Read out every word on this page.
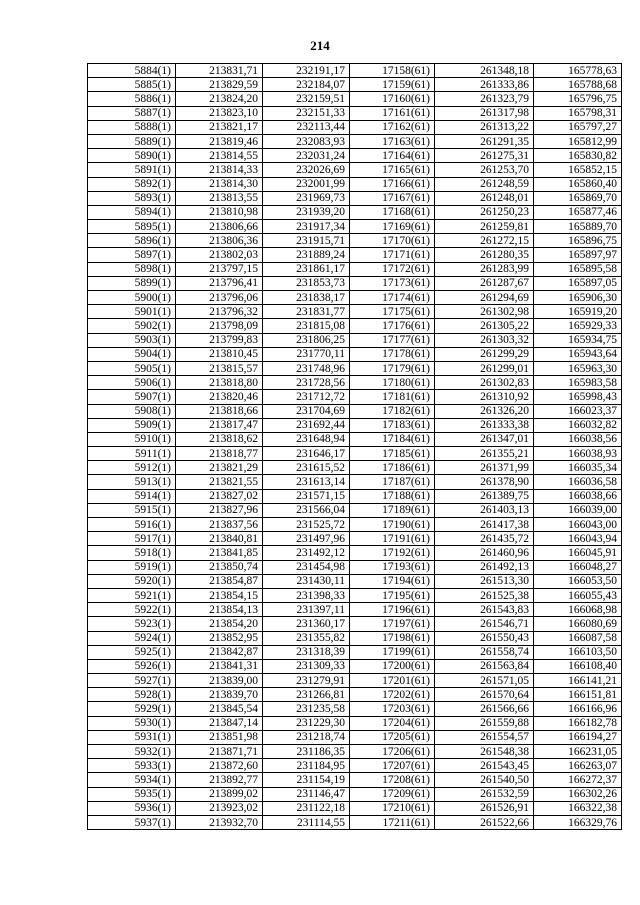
214
5884(1)	213831,71	232191,17	17158(61)	261348,18	165778,63
5885(1)	213829,59	232184,07	17159(61)	261333,86	165788,68
5886(1)	213824,20	232159,51	17160(61)	261323,79	165796,75
5887(1)	213823,10	232151,33	17161(61)	261317,98	165798,31
5888(1)	213821,17	232113,44	17162(61)	261313,22	165797,27
5889(1)	213819,46	232083,93	17163(61)	261291,35	165812,99
5890(1)	213814,55	232031,24	17164(61)	261275,31	165830,82
5891(1)	213814,33	232026,69	17165(61)	261253,70	165852,15
5892(1)	213814,30	232001,99	17166(61)	261248,59	165860,40
5893(1)	213813,55	231969,73	17167(61)	261248,01	165869,70
5894(1)	213810,98	231939,20	17168(61)	261250,23	165877,46
5895(1)	213806,66	231917,34	17169(61)	261259,81	165889,70
5896(1)	213806,36	231915,71	17170(61)	261272,15	165896,75
5897(1)	213802,03	231889,24	17171(61)	261280,35	165897,97
5898(1)	213797,15	231861,17	17172(61)	261283,99	165895,58
5899(1)	213796,41	231853,73	17173(61)	261287,67	165897,05
5900(1)	213796,06	231838,17	17174(61)	261294,69	165906,30
5901(1)	213796,32	231831,77	17175(61)	261302,98	165919,20
5902(1)	213798,09	231815,08	17176(61)	261305,22	165929,33
5903(1)	213799,83	231806,25	17177(61)	261303,32	165934,75
5904(1)	213810,45	231770,11	17178(61)	261299,29	165943,64
5905(1)	213815,57	231748,96	17179(61)	261299,01	165963,30
5906(1)	213818,80	231728,56	17180(61)	261302,83	165983,58
5907(1)	213820,46	231712,72	17181(61)	261310,92	165998,43
5908(1)	213818,66	231704,69	17182(61)	261326,20	166023,37
5909(1)	213817,47	231692,44	17183(61)	261333,38	166032,82
5910(1)	213818,62	231648,94	17184(61)	261347,01	166038,56
5911(1)	213818,77	231646,17	17185(61)	261355,21	166038,93
5912(1)	213821,29	231615,52	17186(61)	261371,99	166035,34
5913(1)	213821,55	231613,14	17187(61)	261378,90	166036,58
5914(1)	213827,02	231571,15	17188(61)	261389,75	166038,66
5915(1)	213827,96	231566,04	17189(61)	261403,13	166039,00
5916(1)	213837,56	231525,72	17190(61)	261417,38	166043,00
5917(1)	213840,81	231497,96	17191(61)	261435,72	166043,94
5918(1)	213841,85	231492,12	17192(61)	261460,96	166045,91
5919(1)	213850,74	231454,98	17193(61)	261492,13	166048,27
5920(1)	213854,87	231430,11	17194(61)	261513,30	166053,50
5921(1)	213854,15	231398,33	17195(61)	261525,38	166055,43
5922(1)	213854,13	231397,11	17196(61)	261543,83	166068,98
5923(1)	213854,20	231360,17	17197(61)	261546,71	166080,69
5924(1)	213852,95	231355,82	17198(61)	261550,43	166087,58
5925(1)	213842,87	231318,39	17199(61)	261558,74	166103,50
5926(1)	213841,31	231309,33	17200(61)	261563,84	166108,40
5927(1)	213839,00	231279,91	17201(61)	261571,05	166141,21
5928(1)	213839,70	231266,81	17202(61)	261570,64	166151,81
5929(1)	213845,54	231235,58	17203(61)	261566,66	166166,96
5930(1)	213847,14	231229,30	17204(61)	261559,88	166182,78
5931(1)	213851,98	231218,74	17205(61)	261554,57	166194,27
5932(1)	213871,71	231186,35	17206(61)	261548,38	166231,05
5933(1)	213872,60	231184,95	17207(61)	261543,45	166263,07
5934(1)	213892,77	231154,19	17208(61)	261540,50	166272,37
5935(1)	213899,02	231146,47	17209(61)	261532,59	166302,26
5936(1)	213923,02	231122,18	17210(61)	261526,91	166322,38
5937(1)	213932,70	231114,55	17211(61)	261522,66	166329,76
